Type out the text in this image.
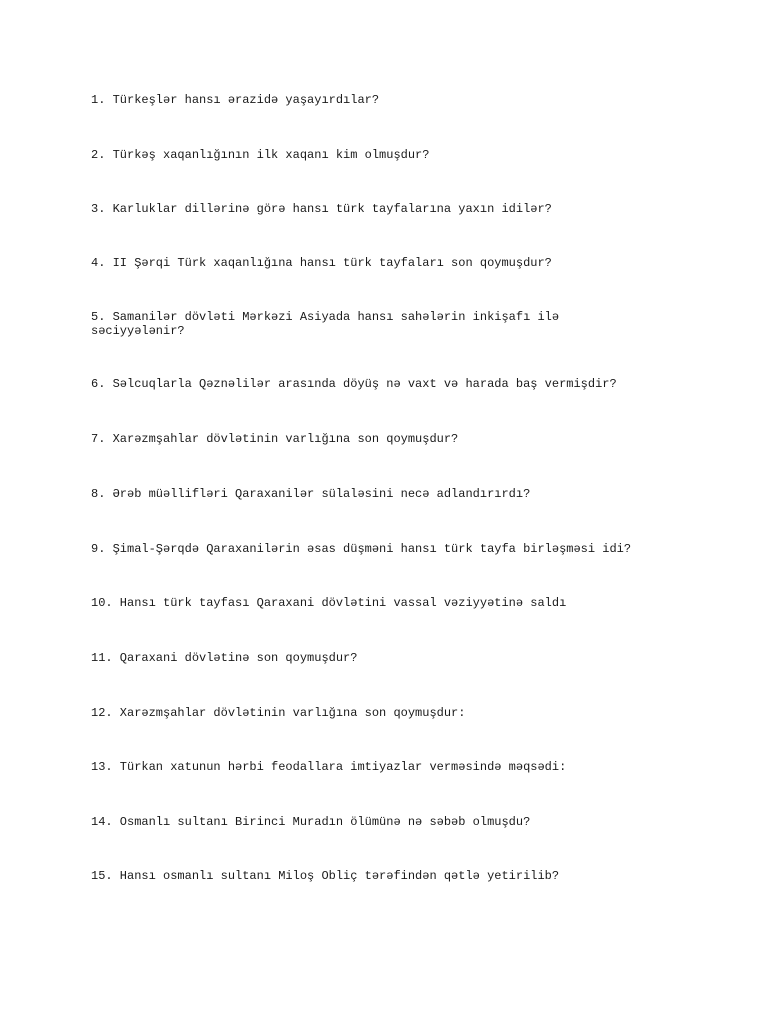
1. Türkeşlər hansı ərazidə yaşayırdılar?

2. Türkəş xaqanlığının ilk xaqanı kim olmuşdur?

3. Karluklar dillərinə görə hansı türk tayfalarına yaxın idilər?

4. II Şərqi Türk xaqanlığına hansı türk tayfaları son qoymuşdur?

5. Samanilər dövləti Mərkəzi Asiyada hansı sahələrin inkişafı ilə
səciyyələnir?

6. Səlcuqlarla Qəznəlilər arasında döyüş nə vaxt və harada baş vermişdir?

7. Xarəzmşahlar dövlətinin varlığına son qoymuşdur?

8. Ərəb müəllifləri Qaraxanilər sülaləsini necə adlandırırdı?

9. Şimal-Şərqdə Qaraxanilərin əsas düşməni hansı türk tayfa birləşməsi idi?

10. Hansı türk tayfası Qaraxani dövlətini vassal vəziyyətinə saldı

11. Qaraxani dövlətinə son qoymuşdur?

12. Xarəzmşahlar dövlətinin varlığına son qoymuşdur:

13. Türkan xatunun hərbi feodallara imtiyazlar verməsində məqsədi:

14. Osmanlı sultanı Birinci Muradın ölümünə nə səbəb olmuşdu?

15. Hansı osmanlı sultanı Miloş Obliç tərəfindən qətlə yetirilib?
